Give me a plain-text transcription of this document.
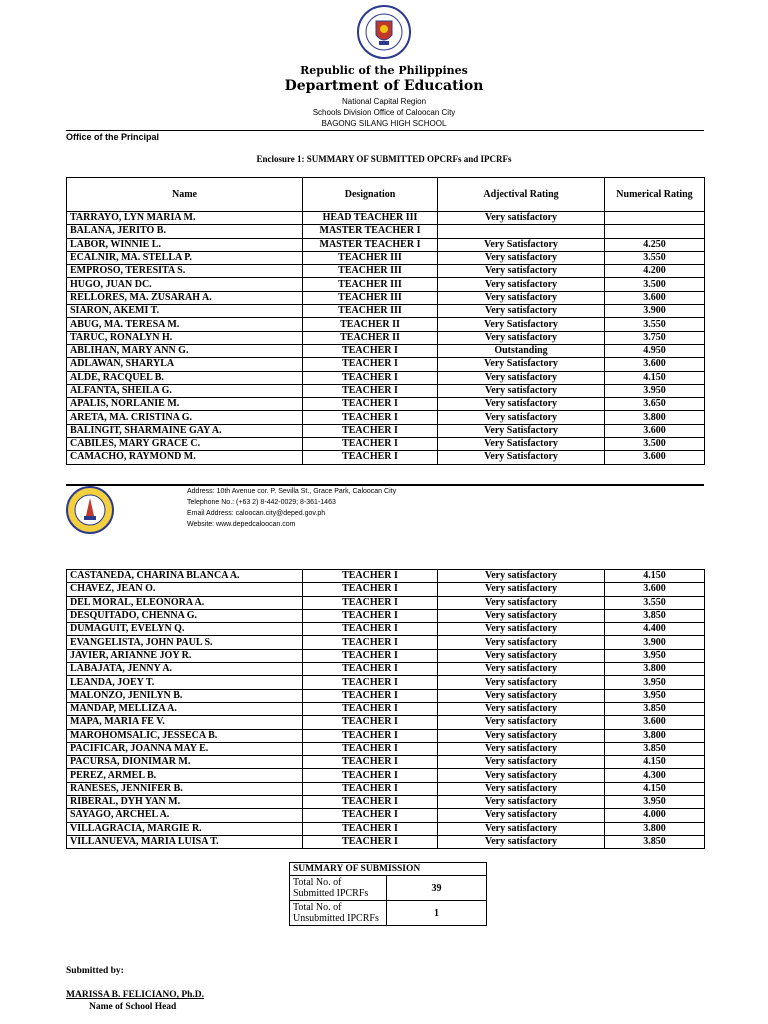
Republic of the Philippines
Department of Education
National Capital Region
Schools Division Office of Caloocan City
BAGONG SILANG HIGH SCHOOL
Office of the Principal
Enclosure 1: SUMMARY OF SUBMITTED OPCRFs and IPCRFs
Name	Designation	Adjectival Rating	Numerical Rating
TARRAYO, LYN MARIA M.	HEAD TEACHER III	Very satisfactory	
BALANA, JERITO B.	MASTER TEACHER I		
LABOR, WINNIE L.	MASTER TEACHER I	Very Satisfactory	4.250
ECALNIR, MA. STELLA P.	TEACHER III	Very satisfactory	3.550
EMPROSO, TERESITA S.	TEACHER III	Very satisfactory	4.200
HUGO, JUAN DC.	TEACHER III	Very satisfactory	3.500
RELLORES, MA. ZUSARAH A.	TEACHER III	Very satisfactory	3.600
SIARON, AKEMI T.	TEACHER III	Very satisfactory	3.900
ABUG, MA. TERESA M.	TEACHER II	Very Satisfactory	3.550
TARUC, RONALYN H.	TEACHER II	Very satisfactory	3.750
ABLIHAN, MARY ANN G.	TEACHER I	Outstanding	4.950
ADLAWAN, SHARYLA	TEACHER I	Very Satisfactory	3.600
ALDE, RACQUEL B.	TEACHER I	Very satisfactory	4.150
ALFANTA, SHEILA G.	TEACHER I	Very satisfactory	3.950
APALIS, NORLANIE M.	TEACHER I	Very satisfactory	3.650
ARETA, MA. CRISTINA G.	TEACHER I	Very satisfactory	3.800
BALINGIT, SHARMAINE GAY A.	TEACHER I	Very Satisfactory	3.600
CABILES, MARY GRACE C.	TEACHER I	Very Satisfactory	3.500
CAMACHO, RAYMOND M.	TEACHER I	Very Satisfactory	3.600
Address: 10th Avenue cor. P. Sevilla St., Grace Park, Caloocan City
Telephone No.: (+63 2) 8-442-0029; 8-361-1463
Email Address: caloocan.city@deped.gov.ph
Website: www.depedcaloocan.com
CASTANEDA, CHARINA BLANCA A.	TEACHER I	Very satisfactory	4.150
CHAVEZ, JEAN O.	TEACHER I	Very satisfactory	3.600
DEL MORAL, ELEONORA A.	TEACHER I	Very satisfactory	3.550
DESQUITADO, CHENNA G.	TEACHER I	Very satisfactory	3.850
DUMAGUIT, EVELYN Q.	TEACHER I	Very satisfactory	4.400
EVANGELISTA, JOHN PAUL S.	TEACHER I	Very satisfactory	3.900
JAVIER, ARIANNE JOY R.	TEACHER I	Very satisfactory	3.950
LABAJATA, JENNY A.	TEACHER I	Very satisfactory	3.800
LEANDA, JOEY T.	TEACHER I	Very satisfactory	3.950
MALONZO, JENILYN B.	TEACHER I	Very satisfactory	3.950
MANDAP, MELLIZA A.	TEACHER I	Very satisfactory	3.850
MAPA, MARIA FE V.	TEACHER I	Very satisfactory	3.600
MAROHOMSALIC, JESSECA B.	TEACHER I	Very satisfactory	3.800
PACIFICAR, JOANNA MAY E.	TEACHER I	Very satisfactory	3.850
PACURSA, DIONIMAR M.	TEACHER I	Very satisfactory	4.150
PEREZ, ARMEL B.	TEACHER I	Very satisfactory	4.300
RANESES, JENNIFER B.	TEACHER I	Very satisfactory	4.150
RIBERAL, DYH YAN M.	TEACHER I	Very satisfactory	3.950
SAYAGO, ARCHEL A.	TEACHER I	Very satisfactory	4.000
VILLAGRACIA, MARGIE R.	TEACHER I	Very satisfactory	3.800
VILLANUEVA, MARIA LUISA T.	TEACHER I	Very satisfactory	3.850
SUMMARY OF SUBMISSION	
Total No. of Submitted IPCRFs	39
Total No. of Unsubmitted IPCRFs	1
Submitted by:
MARISSA B. FELICIANO, Ph.D.
Name of School Head
